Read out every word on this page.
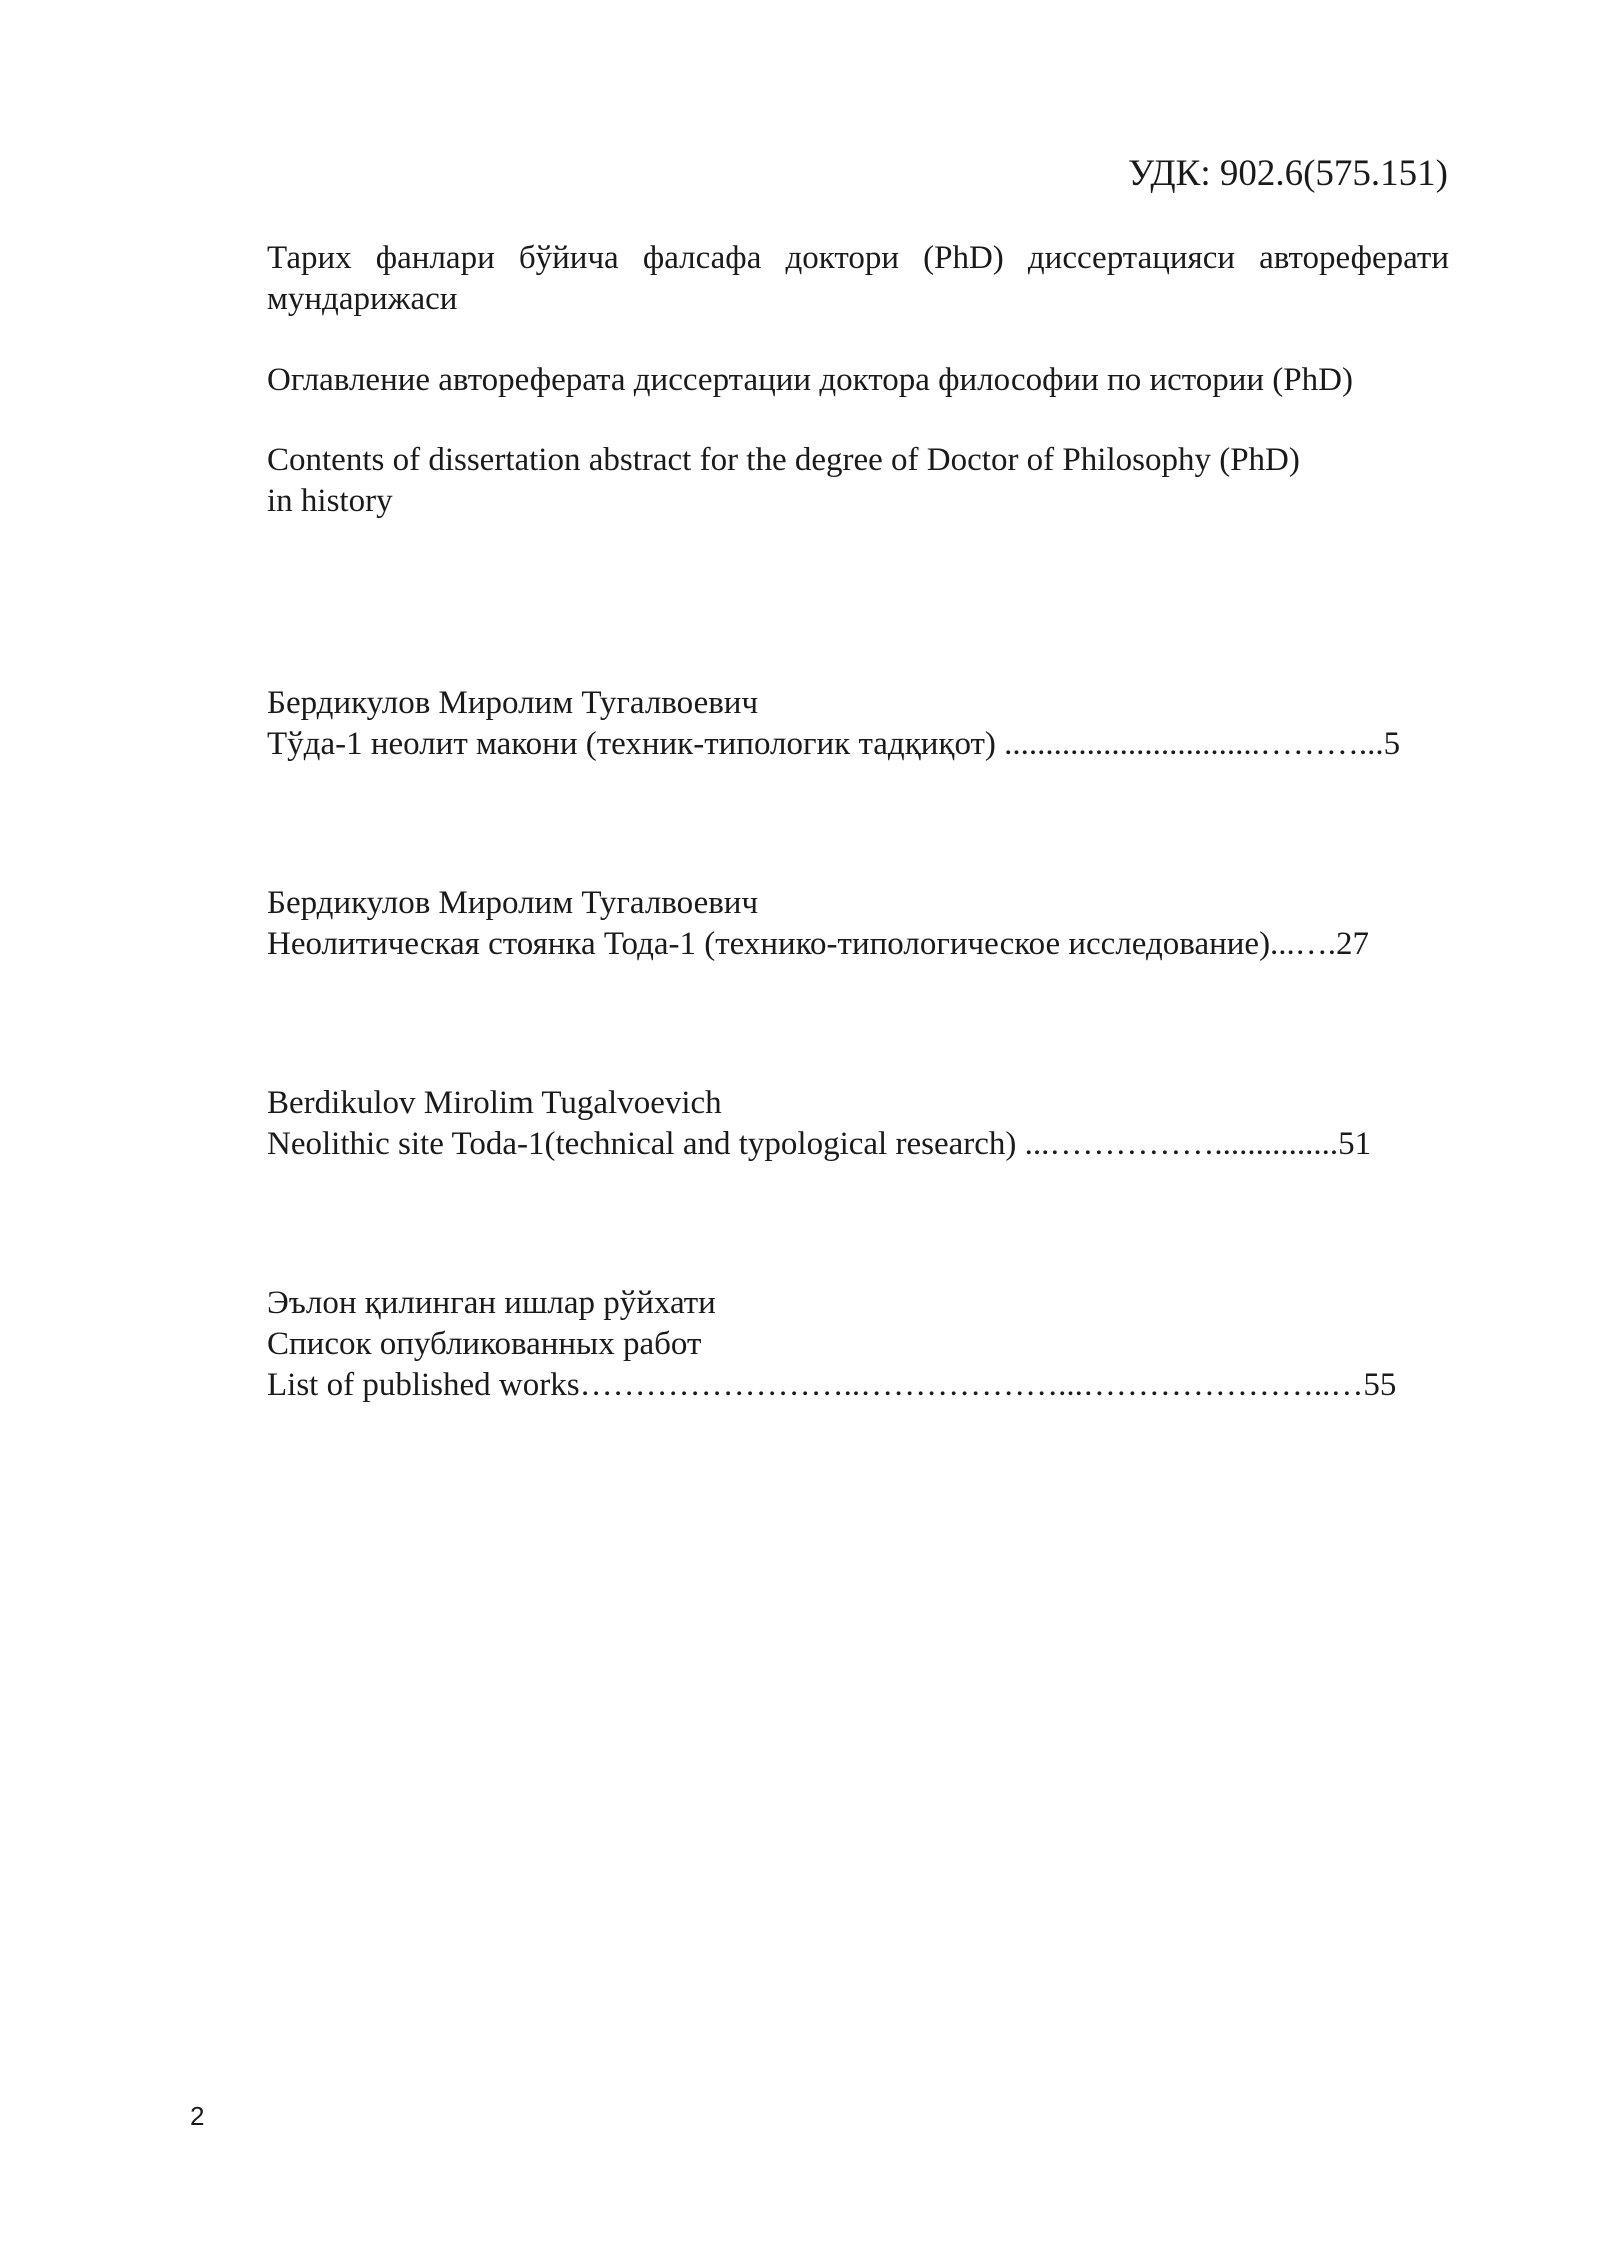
УДК: 902.6(575.151)
Тарих фанлари бўйича фалсафа доктори (PhD) диссертацияси автореферати мундарижаси
Оглавление автореферата диссертации доктора философии по истории (PhD)
Contents of dissertation abstract for the degree of Doctor of Philosophy (PhD)
in history
Бердикулов Миролим Тугалвоевич
Тўда-1 неолит макони (техник-типологик тадқиқот) ...............................………...5
Бердикулов Миролим Тугалвоевич
Неолитическая стоянка Тода-1 (технико-типологическое исследование)...….27
Berdikulov Mirolim Tugalvoevich
Neolithic site Toda-1(technical and typological research) ...……………...............51
Эълон қилинган ишлар рўйхати
Список опубликованных работ
List of published works……………………..………………...…………………..…55
2
